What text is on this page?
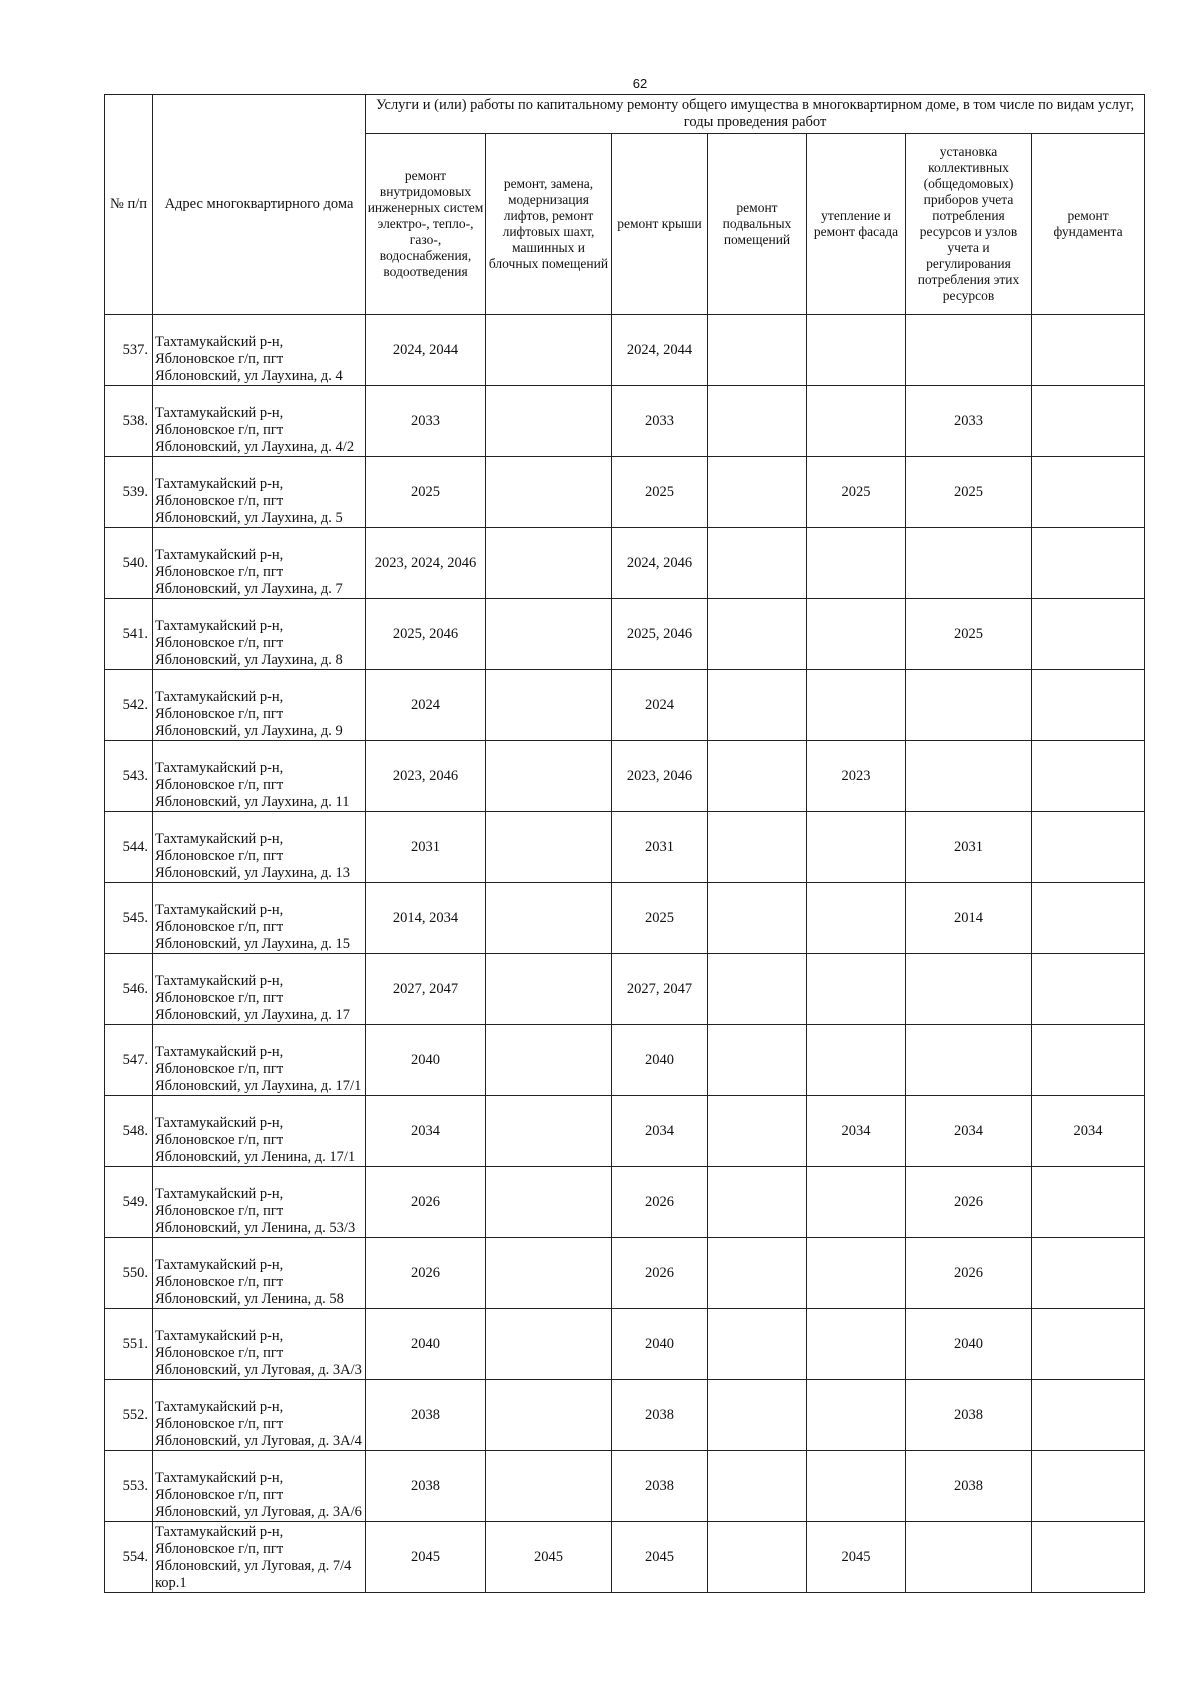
62
№ п/п	Адрес многоквартирного дома	Услуги и (или) работы по капитальному ремонту общего имущества в многоквартирном доме, в том числе по видам услуг, годы проведения работ						
		ремонт внутридомовых инженерных систем электро-, тепло-, газо-, водоснабжения, водоотведения	ремонт, замена, модернизация лифтов, ремонт лифтовых шахт, машинных и блочных помещений	ремонт крыши	ремонт подвальных помещений	утепление и ремонт фасада	установка коллективных (общедомовых) приборов учета потребления ресурсов и узлов учета и регулирования потребления этих ресурсов	ремонт фундамента
537.	Тахтамукайский р-н, Яблоновское г/п, пгт Яблоновский, ул Лаухина, д. 4	2024, 2044		2024, 2044				
538.	Тахтамукайский р-н, Яблоновское г/п, пгт Яблоновский, ул Лаухина, д. 4/2	2033		2033			2033	
539.	Тахтамукайский р-н, Яблоновское г/п, пгт Яблоновский, ул Лаухина, д. 5	2025		2025		2025	2025	
540.	Тахтамукайский р-н, Яблоновское г/п, пгт Яблоновский, ул Лаухина, д. 7	2023, 2024, 2046		2024, 2046				
541.	Тахтамукайский р-н, Яблоновское г/п, пгт Яблоновский, ул Лаухина, д. 8	2025, 2046		2025, 2046			2025	
542.	Тахтамукайский р-н, Яблоновское г/п, пгт Яблоновский, ул Лаухина, д. 9	2024		2024				
543.	Тахтамукайский р-н, Яблоновское г/п, пгт Яблоновский, ул Лаухина, д. 11	2023, 2046		2023, 2046		2023		
544.	Тахтамукайский р-н, Яблоновское г/п, пгт Яблоновский, ул Лаухина, д. 13	2031		2031			2031	
545.	Тахтамукайский р-н, Яблоновское г/п, пгт Яблоновский, ул Лаухина, д. 15	2014, 2034		2025			2014	
546.	Тахтамукайский р-н, Яблоновское г/п, пгт Яблоновский, ул Лаухина, д. 17	2027, 2047		2027, 2047				
547.	Тахтамукайский р-н, Яблоновское г/п, пгт Яблоновский, ул Лаухина, д. 17/1	2040		2040				
548.	Тахтамукайский р-н, Яблоновское г/п, пгт Яблоновский, ул Ленина, д. 17/1	2034		2034		2034	2034	2034
549.	Тахтамукайский р-н, Яблоновское г/п, пгт Яблоновский, ул Ленина, д. 53/3	2026		2026			2026	
550.	Тахтамукайский р-н, Яблоновское г/п, пгт Яблоновский, ул Ленина, д. 58	2026		2026			2026	
551.	Тахтамукайский р-н, Яблоновское г/п, пгт Яблоновский, ул Луговая, д. 3А/3	2040		2040			2040	
552.	Тахтамукайский р-н, Яблоновское г/п, пгт Яблоновский, ул Луговая, д. 3А/4	2038		2038			2038	
553.	Тахтамукайский р-н, Яблоновское г/п, пгт Яблоновский, ул Луговая, д. 3А/6	2038		2038			2038	
554.	Тахтамукайский р-н, Яблоновское г/п, пгт Яблоновский, ул Луговая, д. 7/4 кор.1	2045	2045	2045		2045		
